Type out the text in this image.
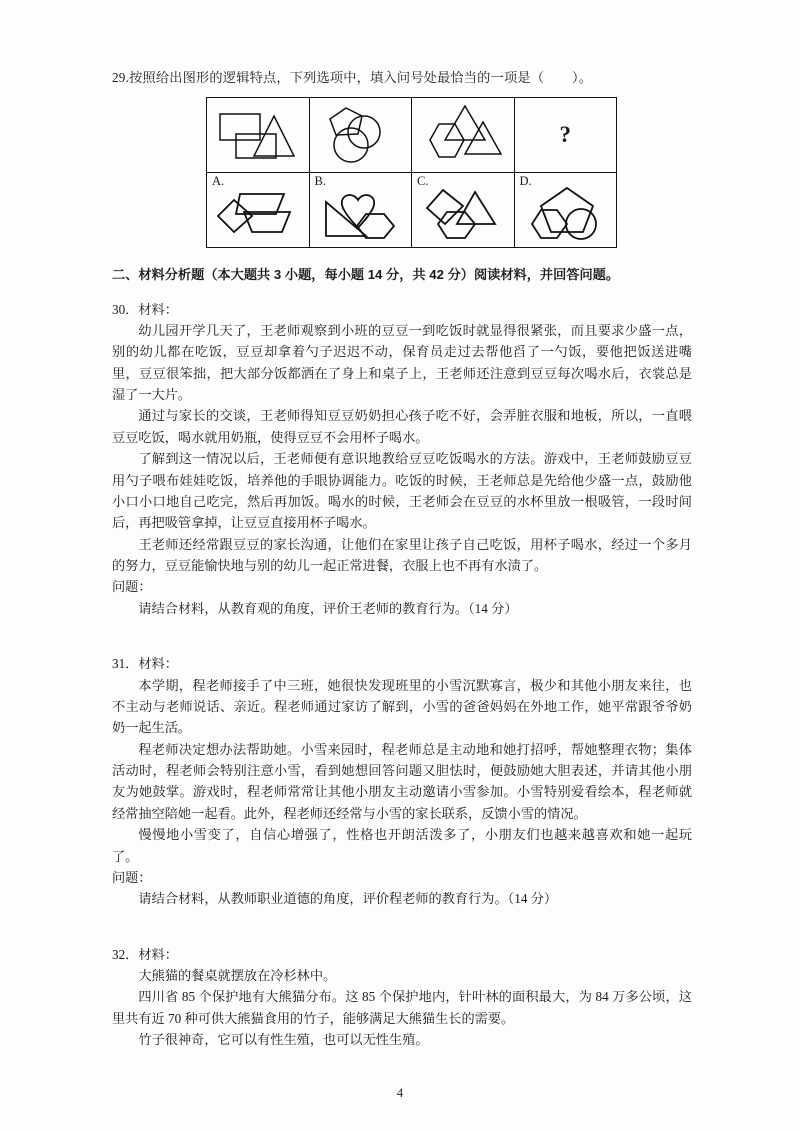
29.按照给出图形的逻辑特点，下列选项中，填入问号处最恰当的一项是（ ）。

	?

A.	B.	C.	D.
二、材料分析题（本大题共 3 小题，每小题 14 分，共 42 分）阅读材料，并回答问题。
30．材料：
幼儿园开学几天了，王老师观察到小班的豆豆一到吃饭时就显得很紧张，而且要求少盛一点，别的幼儿都在吃饭，豆豆却拿着勺子迟迟不动，保育员走过去帮他舀了一勺饭，要他把饭送进嘴里，豆豆很笨拙，把大部分饭都洒在了身上和桌子上，王老师还注意到豆豆每次喝水后，衣裳总是湿了一大片。
通过与家长的交谈，王老师得知豆豆奶奶担心孩子吃不好，会弄脏衣服和地板，所以，一直喂豆豆吃饭，喝水就用奶瓶，使得豆豆不会用杯子喝水。
了解到这一情况以后，王老师便有意识地教给豆豆吃饭喝水的方法。游戏中，王老师鼓励豆豆用勺子喂布娃娃吃饭，培养他的手眼协调能力。吃饭的时候，王老师总是先给他少盛一点，鼓励他小口小口地自己吃完，然后再加饭。喝水的时候，王老师会在豆豆的水杯里放一根吸管，一段时间后，再把吸管拿掉，让豆豆直接用杯子喝水。
王老师还经常跟豆豆的家长沟通，让他们在家里让孩子自己吃饭，用杯子喝水，经过一个多月的努力，豆豆能愉快地与别的幼儿一起正常进餐，衣服上也不再有水渍了。
问题：
请结合材料，从教育观的角度，评价王老师的教育行为。（14 分）
31．材料：
本学期，程老师接手了中三班，她很快发现班里的小雪沉默寡言，极少和其他小朋友来往，也不主动与老师说话、亲近。程老师通过家访了解到，小雪的爸爸妈妈在外地工作，她平常跟爷爷奶奶一起生活。
程老师决定想办法帮助她。小雪来园时，程老师总是主动地和她打招呼，帮她整理衣物；集体活动时，程老师会特别注意小雪，看到她想回答问题又胆怯时，便鼓励她大胆表述，并请其他小朋友为她鼓掌。游戏时，程老师常常让其他小朋友主动邀请小雪参加。小雪特别爱看绘本，程老师就经常抽空陪她一起看。此外，程老师还经常与小雪的家长联系，反馈小雪的情况。
慢慢地小雪变了，自信心增强了，性格也开朗活泼多了，小朋友们也越来越喜欢和她一起玩了。
问题：
请结合材料，从教师职业道德的角度，评价程老师的教育行为。（14 分）
32．材料：
大熊猫的餐桌就摆放在冷杉林中。
四川省 85 个保护地有大熊猫分布。这 85 个保护地内，针叶林的面积最大，为 84 万多公顷，这里共有近 70 种可供大熊猫食用的竹子，能够满足大熊猫生长的需要。
竹子很神奇，它可以有性生殖，也可以无性生殖。
4
